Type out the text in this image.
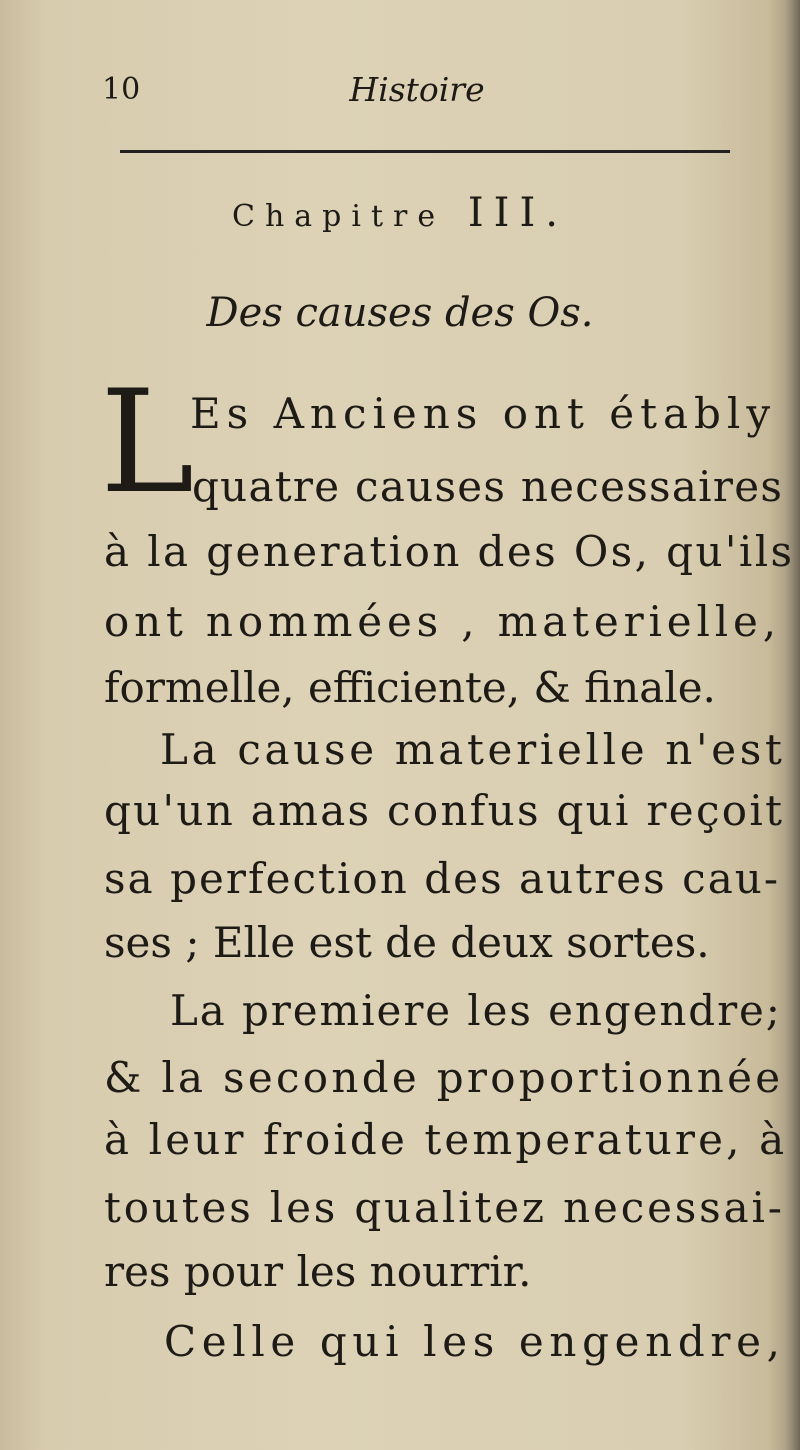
10	Histoire
Chapitre III.
Des causes des Os.
L
Es Anciens ont étably
quatre causes necessaires
à la generation des Os, qu'ils
ont nommées , materielle,
formelle, efficiente, & finale.
La cause materielle n'est
qu'un amas confus qui reçoit
sa perfection des autres cau-
ses ; Elle est de deux sortes.
La premiere les engendre;
& la seconde proportionnée
à leur froide temperature, à
toutes les qualitez necessai-
res pour les nourrir.
Celle qui les engendre,
